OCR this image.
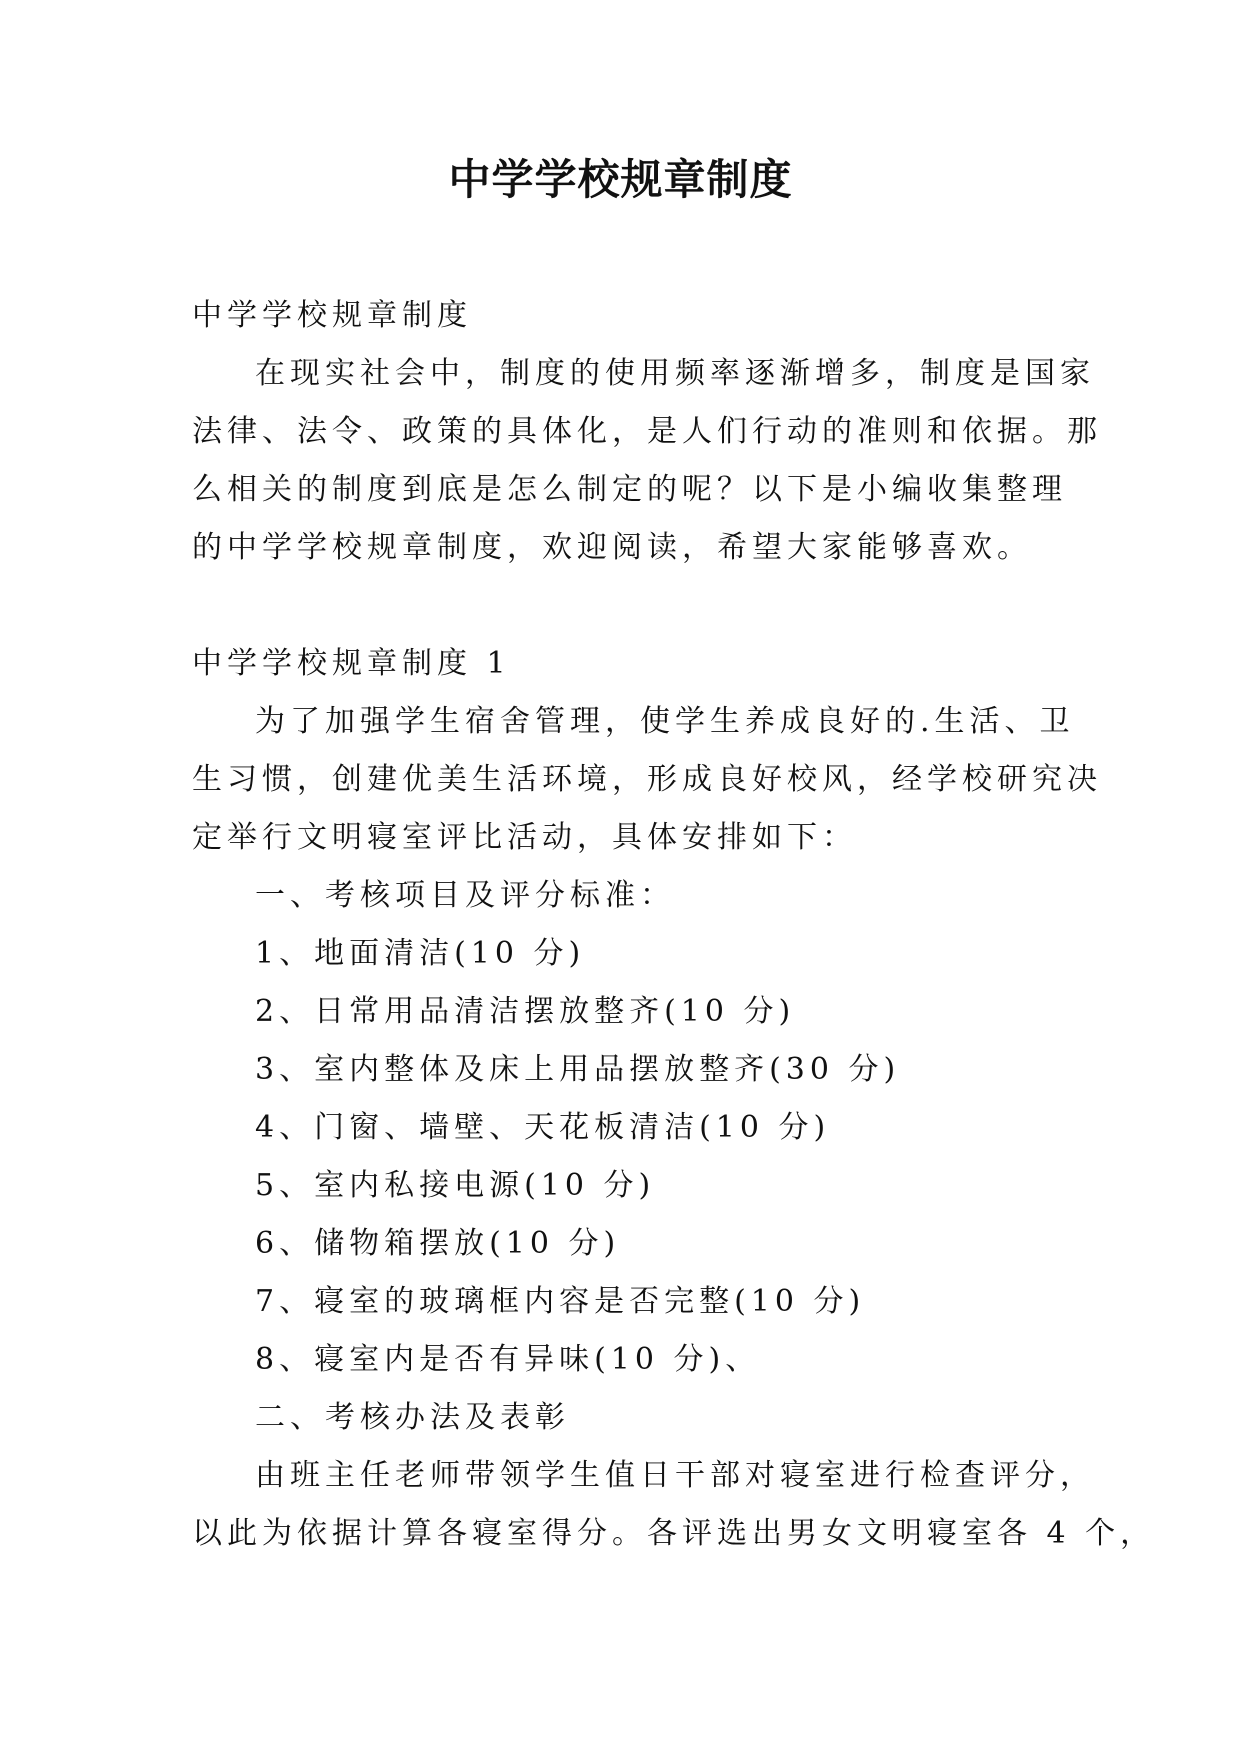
中学学校规章制度
中学学校规章制度
在现实社会中，制度的使用频率逐渐增多，制度是国家
法律、法令、政策的具体化，是人们行动的准则和依据。那
么相关的制度到底是怎么制定的呢？以下是小编收集整理
的中学学校规章制度，欢迎阅读，希望大家能够喜欢。
中学学校规章制度 1
为了加强学生宿舍管理，使学生养成良好的.生活、卫
生习惯，创建优美生活环境，形成良好校风，经学校研究决
定举行文明寝室评比活动，具体安排如下：
一、考核项目及评分标准：
1、地面清洁(10 分)
2、日常用品清洁摆放整齐(10 分)
3、室内整体及床上用品摆放整齐(30 分)
4、门窗、墙壁、天花板清洁(10 分)
5、室内私接电源(10 分)
6、储物箱摆放(10 分)
7、寝室的玻璃框内容是否完整(10 分)
8、寝室内是否有异味(10 分)、
二、考核办法及表彰
由班主任老师带领学生值日干部对寝室进行检查评分，
以此为依据计算各寝室得分。各评选出男女文明寝室各 4 个，
